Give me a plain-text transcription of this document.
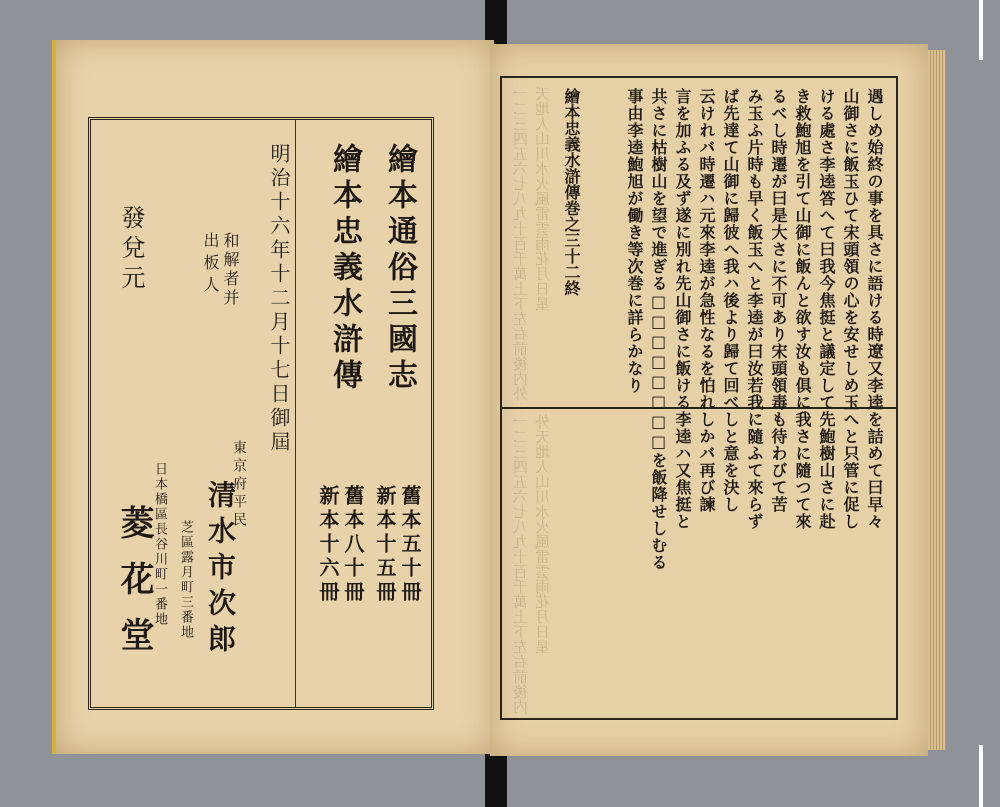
繪本通俗三國志
繪本忠義水滸傳
明治十六年十二月十七日御屆
舊本五十冊
新本十五冊
舊本八十冊
新本十六冊
和解者并
出板人
東京府平民
清水市次郎
芝區露月町三番地
發兌元
日本橋區長谷川町一番地
菱花堂
一二三四五六七八九十百千萬上下左右前後内外天地人山川水火風雷雲雨花月日星
一二三四五六七八九十百千萬上下左右前後内外天地人山川水火風雷雲雨花月日星
遇しめ始終の事を具さに語ける時遼又李逵を詰めて曰早々
山御さに飯玉ひて宋頭領の心を安せしめ玉へと只管に促し
ける處さ李逵答へて曰我今焦挺と議定して先鮑樹山さに赴
き救鮑旭を引て山御に飯んと欲す汝も俱に我さに隨つて來
るべし時遷が曰是大さに不可あり宋頭領毒も待わびて苦
み玉ふ片時も早く飯玉へと李逵が曰汝若我に隨ふて來らず
ば先達て山御に歸彼へ我ハ後より歸て回べしと意を決し
云けれバ時遷ハ元來李逵が急性なるを怕れしかバ再び諫
言を加ふる及ず遂に別れ先山御さに飯ける李逵ハ又焦挺と
共さに枯樹山を望で進ぎる□□□□□□□□を飯降せしむる
事由李逵鮑旭が働き等次巻に詳らかなり
繪本忠義水滸傳巻之三十二終
